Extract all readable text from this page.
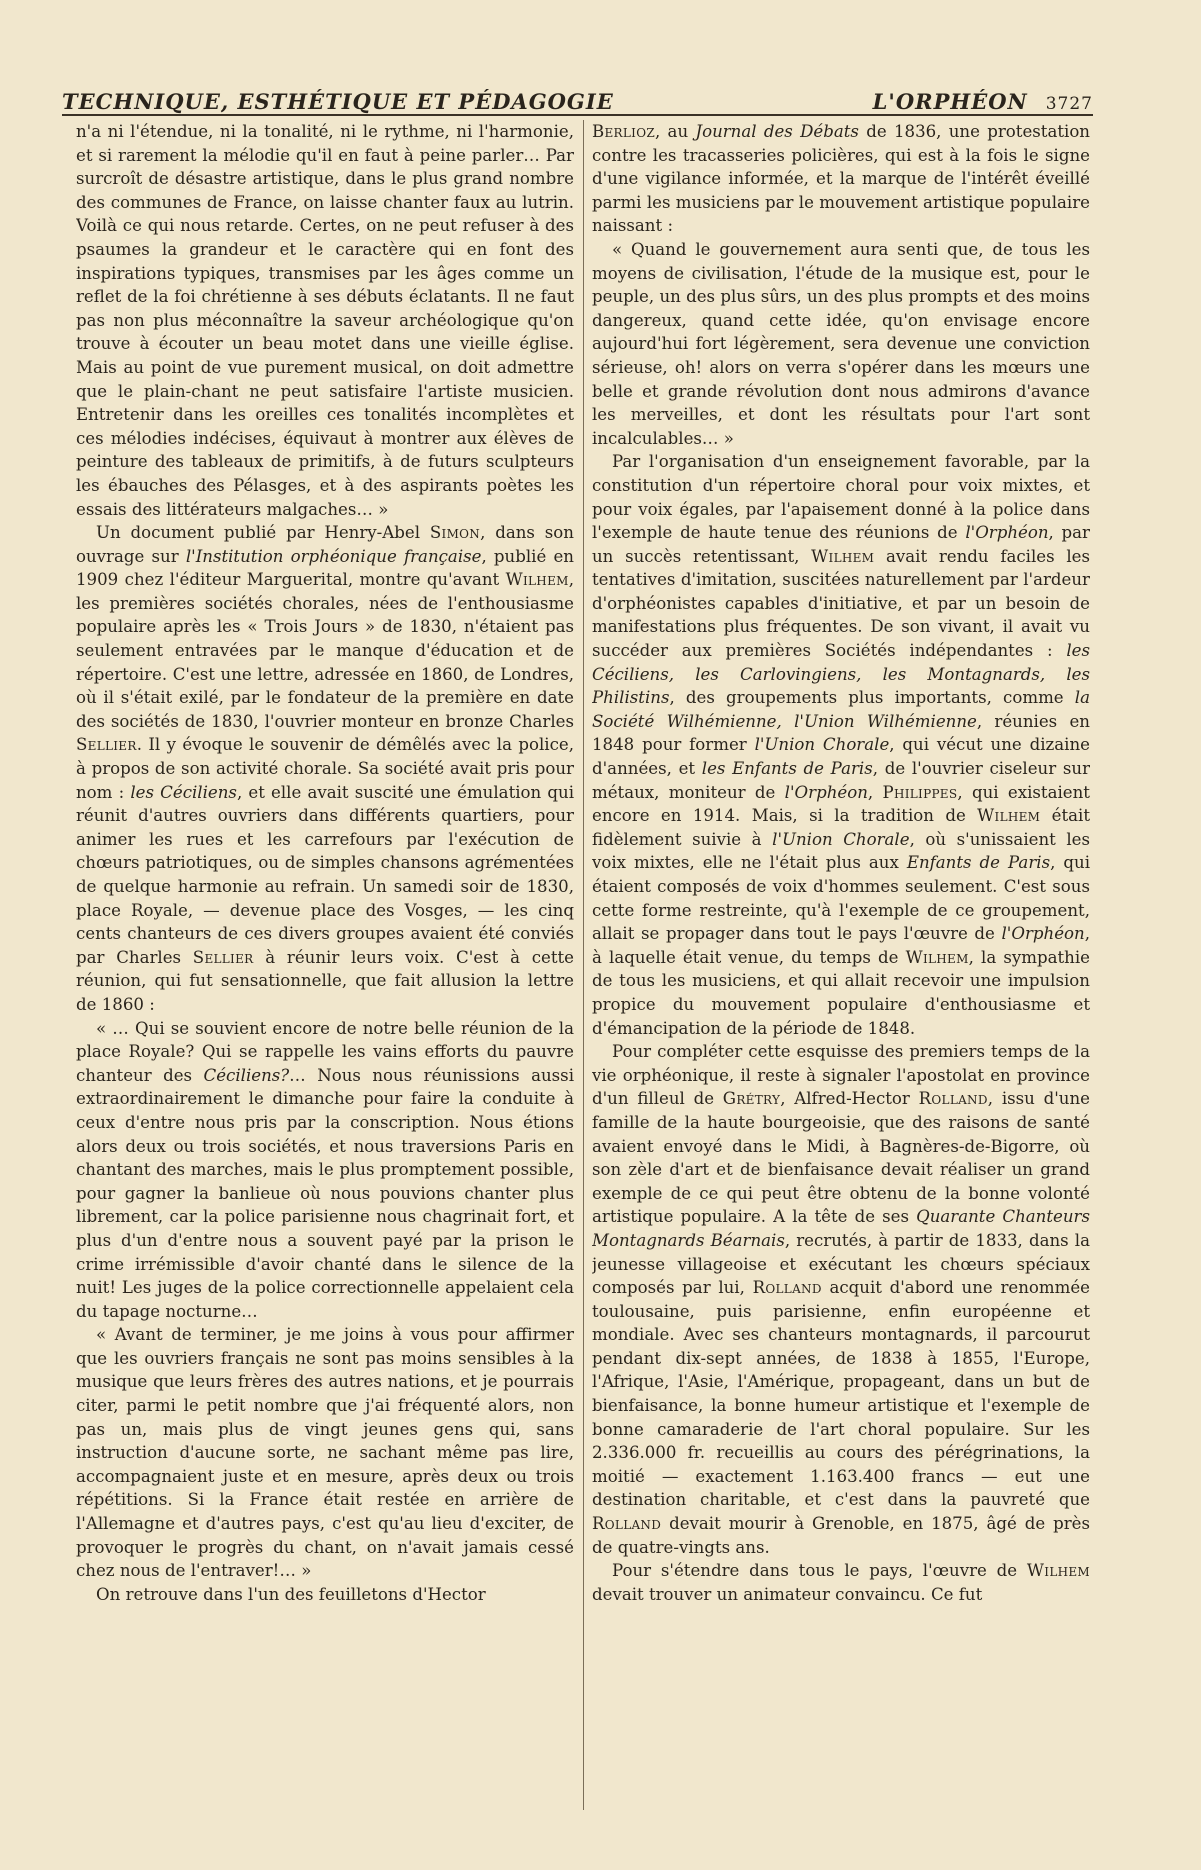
TECHNIQUE, ESTHÉTIQUE ET PÉDAGOGIE	L'ORPHÉON 3727

n'a ni l'étendue, ni la tonalité, ni le rythme, ni l'harmonie, et si rarement la mélodie qu'il en faut à peine parler… Par surcroît de désastre artistique, dans le plus grand nombre des communes de France, on laisse chanter faux au lutrin. Voilà ce qui nous retarde. Certes, on ne peut refuser à des psaumes la grandeur et le caractère qui en font des inspirations typiques, transmises par les âges comme un reflet de la foi chrétienne à ses débuts éclatants. Il ne faut pas non plus méconnaître la saveur archéologique qu'on trouve à écouter un beau motet dans une vieille église. Mais au point de vue purement musical, on doit admettre que le plain-chant ne peut satisfaire l'artiste musicien. Entretenir dans les oreilles ces tonalités incomplètes et ces mélodies indécises, équivaut à montrer aux élèves de peinture des tableaux de primitifs, à de futurs sculpteurs les ébauches des Pélasges, et à des aspirants poètes les essais des littérateurs malgaches… »

Un document publié par Henry-Abel Simon, dans son ouvrage sur l'Institution orphéonique française, publié en 1909 chez l'éditeur Marguerital, montre qu'avant Wilhem, les premières sociétés chorales, nées de l'enthousiasme populaire après les « Trois Jours » de 1830, n'étaient pas seulement entravées par le manque d'éducation et de répertoire. C'est une lettre, adressée en 1860, de Londres, où il s'était exilé, par le fondateur de la première en date des sociétés de 1830, l'ouvrier monteur en bronze Charles Sellier. Il y évoque le souvenir de démêlés avec la police, à propos de son activité chorale. Sa société avait pris pour nom : les Céciliens, et elle avait suscité une émulation qui réunit d'autres ouvriers dans différents quartiers, pour animer les rues et les carrefours par l'exécution de chœurs patriotiques, ou de simples chansons agrémentées de quelque harmonie au refrain. Un samedi soir de 1830, place Royale, — devenue place des Vosges, — les cinq cents chanteurs de ces divers groupes avaient été conviés par Charles Sellier à réunir leurs voix. C'est à cette réunion, qui fut sensationnelle, que fait allusion la lettre de 1860 :

« … Qui se souvient encore de notre belle réunion de la place Royale? Qui se rappelle les vains efforts du pauvre chanteur des Céciliens?… Nous nous réunissions aussi extraordinairement le dimanche pour faire la conduite à ceux d'entre nous pris par la conscription. Nous étions alors deux ou trois sociétés, et nous traversions Paris en chantant des marches, mais le plus promptement possible, pour gagner la banlieue où nous pouvions chanter plus librement, car la police parisienne nous chagrinait fort, et plus d'un d'entre nous a souvent payé par la prison le crime irrémissible d'avoir chanté dans le silence de la nuit! Les juges de la police correctionnelle appelaient cela du tapage nocturne…

« Avant de terminer, je me joins à vous pour affirmer que les ouvriers français ne sont pas moins sensibles à la musique que leurs frères des autres nations, et je pourrais citer, parmi le petit nombre que j'ai fréquenté alors, non pas un, mais plus de vingt jeunes gens qui, sans instruction d'aucune sorte, ne sachant même pas lire, accompagnaient juste et en mesure, après deux ou trois répétitions. Si la France était restée en arrière de l'Allemagne et d'autres pays, c'est qu'au lieu d'exciter, de provoquer le progrès du chant, on n'avait jamais cessé chez nous de l'entraver!… »

On retrouve dans l'un des feuilletons d'Hector

Berlioz, au Journal des Débats de 1836, une protestation contre les tracasseries policières, qui est à la fois le signe d'une vigilance informée, et la marque de l'intérêt éveillé parmi les musiciens par le mouvement artistique populaire naissant :

« Quand le gouvernement aura senti que, de tous les moyens de civilisation, l'étude de la musique est, pour le peuple, un des plus sûrs, un des plus prompts et des moins dangereux, quand cette idée, qu'on envisage encore aujourd'hui fort légèrement, sera devenue une conviction sérieuse, oh! alors on verra s'opérer dans les mœurs une belle et grande révolution dont nous admirons d'avance les merveilles, et dont les résultats pour l'art sont incalculables… »

Par l'organisation d'un enseignement favorable, par la constitution d'un répertoire choral pour voix mixtes, et pour voix égales, par l'apaisement donné à la police dans l'exemple de haute tenue des réunions de l'Orphéon, par un succès retentissant, Wilhem avait rendu faciles les tentatives d'imitation, suscitées naturellement par l'ardeur d'orphéonistes capables d'initiative, et par un besoin de manifestations plus fréquentes. De son vivant, il avait vu succéder aux premières Sociétés indépendantes : les Céciliens, les Carlovingiens, les Montagnards, les Philistins, des groupements plus importants, comme la Société Wilhémienne, l'Union Wilhémienne, réunies en 1848 pour former l'Union Chorale, qui vécut une dizaine d'années, et les Enfants de Paris, de l'ouvrier ciseleur sur métaux, moniteur de l'Orphéon, Philippes, qui existaient encore en 1914. Mais, si la tradition de Wilhem était fidèlement suivie à l'Union Chorale, où s'unissaient les voix mixtes, elle ne l'était plus aux Enfants de Paris, qui étaient composés de voix d'hommes seulement. C'est sous cette forme restreinte, qu'à l'exemple de ce groupement, allait se propager dans tout le pays l'œuvre de l'Orphéon, à laquelle était venue, du temps de Wilhem, la sympathie de tous les musiciens, et qui allait recevoir une impulsion propice du mouvement populaire d'enthousiasme et d'émancipation de la période de 1848.

Pour compléter cette esquisse des premiers temps de la vie orphéonique, il reste à signaler l'apostolat en province d'un filleul de Grétry, Alfred-Hector Rolland, issu d'une famille de la haute bourgeoisie, que des raisons de santé avaient envoyé dans le Midi, à Bagnères-de-Bigorre, où son zèle d'art et de bienfaisance devait réaliser un grand exemple de ce qui peut être obtenu de la bonne volonté artistique populaire. A la tête de ses Quarante Chanteurs Montagnards Béarnais, recrutés, à partir de 1833, dans la jeunesse villageoise et exécutant les chœurs spéciaux composés par lui, Rolland acquit d'abord une renommée toulousaine, puis parisienne, enfin européenne et mondiale. Avec ses chanteurs montagnards, il parcourut pendant dix-sept années, de 1838 à 1855, l'Europe, l'Afrique, l'Asie, l'Amérique, propageant, dans un but de bienfaisance, la bonne humeur artistique et l'exemple de bonne camaraderie de l'art choral populaire. Sur les 2.336.000 fr. recueillis au cours des pérégrinations, la moitié — exactement 1.163.400 francs — eut une destination charitable, et c'est dans la pauvreté que Rolland devait mourir à Grenoble, en 1875, âgé de près de quatre-vingts ans.

Pour s'étendre dans tous le pays, l'œuvre de Wilhem devait trouver un animateur convaincu. Ce fut
